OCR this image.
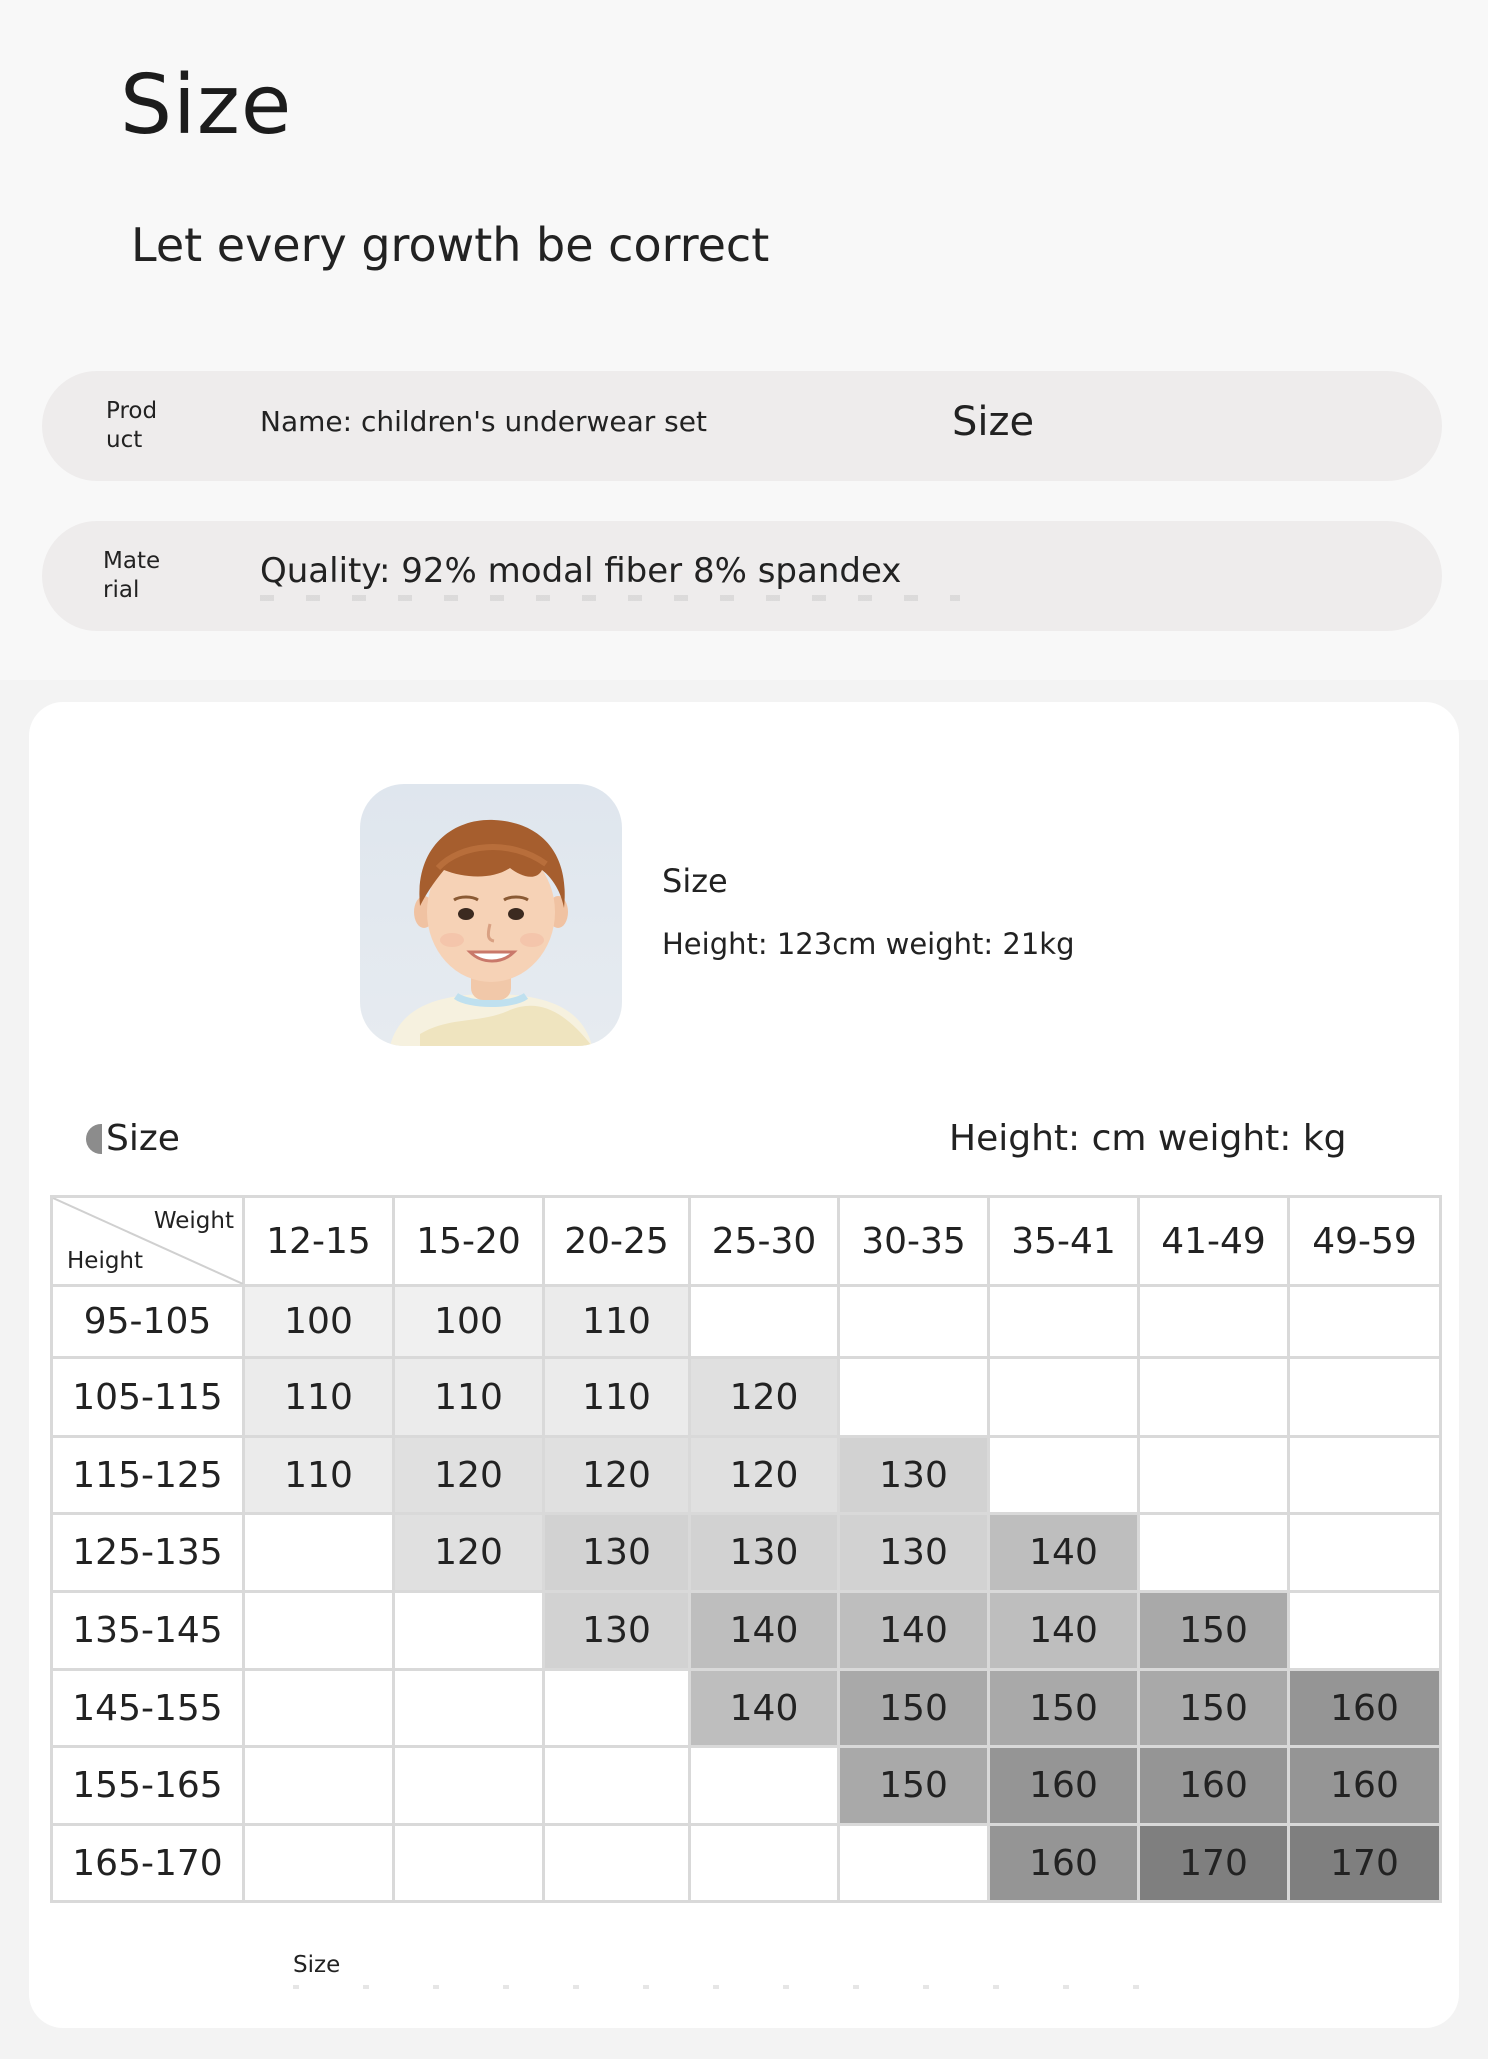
Size
Let every growth be correct
Prod
uct
Name: children's underwear set	Size
Mate
rial	Quality: 92% modal fiber 8% spandex
Size
Height: 123cm weight: 21kg
Size	Height: cm weight: kg
Weight
Height	12-15	15-20	20-25	25-30	30-35	35-41	41-49	49-59
95-105	100	100	110					
105-115	110	110	110	120				
115-125	110	120	120	120	130			
125-135		120	130	130	130	140		
135-145			130	140	140	140	150	
145-155				140	150	150	150	160
155-165					150	160	160	160
165-170						160	170	170
Size
